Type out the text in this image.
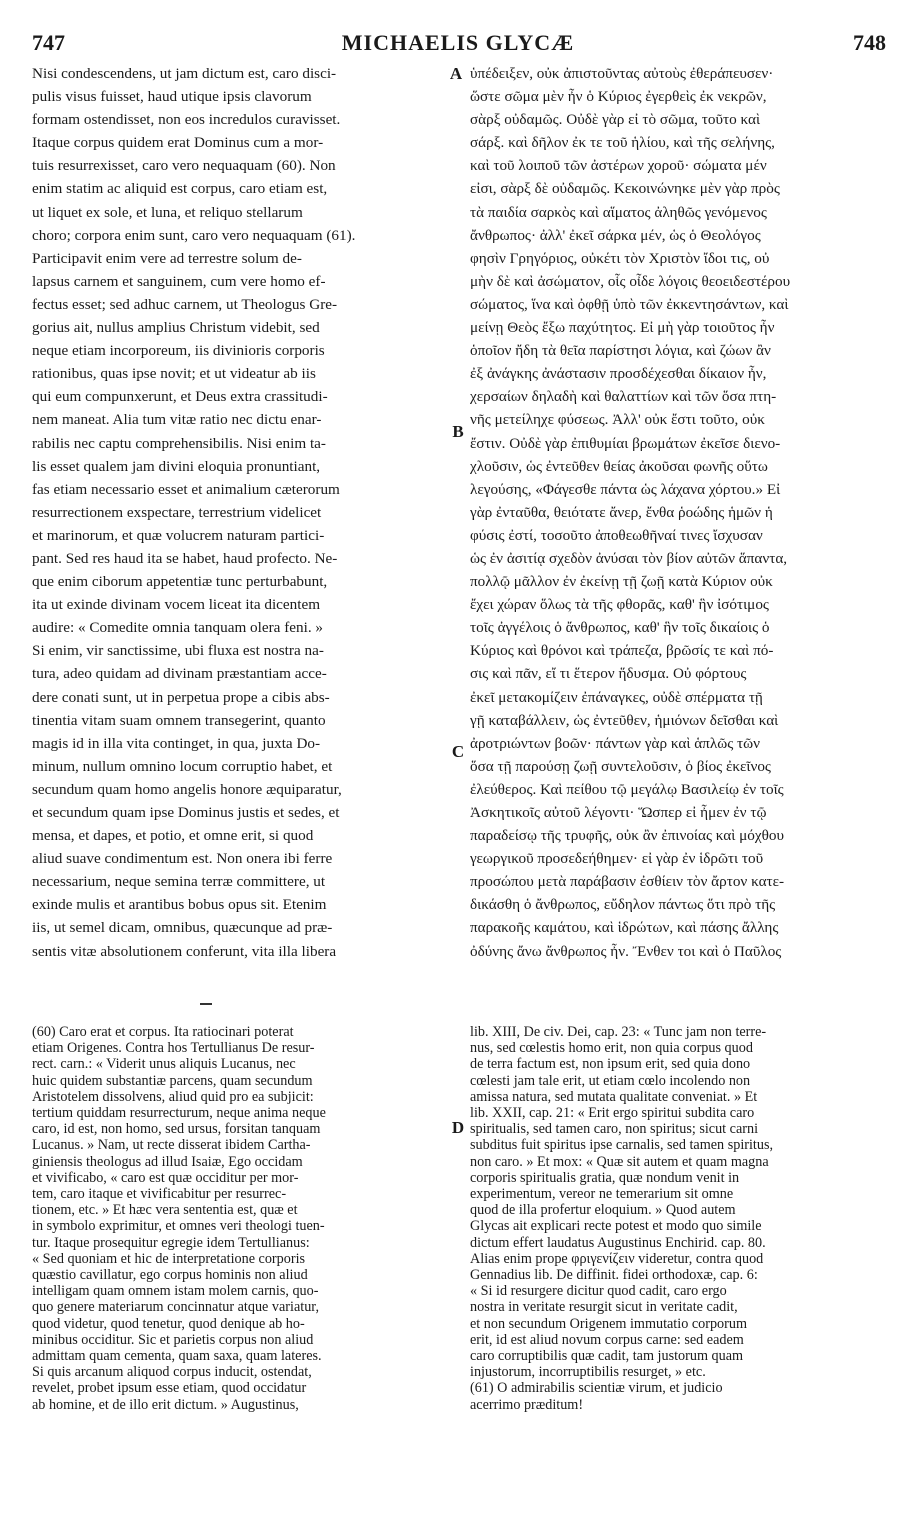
747	MICHAELIS GLYCÆ	748
Nisi condescendens, ut jam dictum est, caro disci-
pulis visus fuisset, haud utique ipsis clavorum
formam ostendisset, non eos incredulos curavisset.
Itaque corpus quidem erat Dominus cum a mor-
tuis resurrexisset, caro vero nequaquam (60). Non
enim statim ac aliquid est corpus, caro etiam est,
ut liquet ex sole, et luna, et reliquo stellarum
choro; corpora enim sunt, caro vero nequaquam (61).
Participavit enim vere ad terrestre solum de-
lapsus carnem et sanguinem, cum vere homo ef-
fectus esset; sed adhuc carnem, ut Theologus Gre-
gorius ait, nullus amplius Christum videbit, sed
neque etiam incorporeum, iis divinioris corporis
rationibus, quas ipse novit; et ut videatur ab iis
qui eum compunxerunt, et Deus extra crassitudi-
nem maneat. Alia tum vitæ ratio nec dictu enar-
rabilis nec captu comprehensibilis. Nisi enim ta-
lis esset qualem jam divini eloquia pronuntiant,
fas etiam necessario esset et animalium cæterorum
resurrectionem exspectare, terrestrium videlicet
et marinorum, et quæ volucrem naturam partici-
pant. Sed res haud ita se habet, haud profecto. Ne-
que enim ciborum appetentiæ tunc perturbabunt,
ita ut exinde divinam vocem liceat ita dicentem
audire: « Comedite omnia tanquam olera feni. »
Si enim, vir sanctissime, ubi fluxa est nostra na-
tura, adeo quidam ad divinam præstantiam acce-
dere conati sunt, ut in perpetua prope a cibis abs-
tinentia vitam suam omnem transegerint, quanto
magis id in illa vita continget, in qua, juxta Do-
minum, nullum omnino locum corruptio habet, et
secundum quam homo angelis honore æquiparatur,
et secundum quam ipse Dominus justis et sedes, et
mensa, et dapes, et potio, et omne erit, si quod
aliud suave condimentum est. Non onera ibi ferre
necessarium, neque semina terræ committere, ut
exinde mulis et arantibus bobus opus sit. Etenim
iis, ut semel dicam, omnibus, quæcunque ad præ-
sentis vitæ absolutionem conferunt, vita illa libera
ὑπέδειξεν, οὐκ ἀπιστοῦντας αὐτοὺς ἐθεράπευσεν·
ὥστε σῶμα μὲν ἦν ὁ Κύριος ἐγερθεὶς ἐκ νεκρῶν,
σὰρξ οὐδαμῶς. Οὐδὲ γὰρ εἰ τὸ σῶμα, τοῦτο καὶ
σάρξ. καὶ δῆλον ἐκ τε τοῦ ἡλίου, καὶ τῆς σελήνης,
καὶ τοῦ λοιποῦ τῶν ἀστέρων χοροῦ· σώματα μέν
εἰσι, σὰρξ δὲ οὐδαμῶς. Κεκοινώνηκε μὲν γὰρ πρὸς
τὰ παιδία σαρκὸς καὶ αἵματος ἀληθῶς γενόμενος
ἄνθρωπος· ἀλλ' ἐκεῖ σάρκα μέν, ὡς ὁ Θεολόγος
φησὶν Γρηγόριος, οὐκέτι τὸν Χριστὸν ἴδοι τις, οὐ
μὴν δὲ καὶ ἀσώματον, οἷς οἶδε λόγοις θεοειδεστέρου
σώματος, ἵνα καὶ ὀφθῇ ὑπὸ τῶν ἐκκεντησάντων, καὶ
μείνῃ Θεὸς ἔξω παχύτητος. Εἰ μὴ γὰρ τοιοῦτος ἦν
ὁποῖον ἤδη τὰ θεῖα παρίστησι λόγια, καὶ ζώων ἂν
ἐξ ἀνάγκης ἀνάστασιν προσδέχεσθαι δίκαιον ἦν,
χερσαίων δηλαδὴ καὶ θαλαττίων καὶ τῶν ὅσα πτη-
νῆς μετείληχε φύσεως. Ἀλλ' οὐκ ἔστι τοῦτο, οὐκ
ἔστιν. Οὐδὲ γὰρ ἐπιθυμίαι βρωμάτων ἐκεῖσε διενο-
χλοῦσιν, ὡς ἐντεῦθεν θείας ἀκοῦσαι φωνῆς οὕτω
λεγούσης, «Φάγεσθε πάντα ὡς λάχανα χόρτου.» Εἰ
γὰρ ἐνταῦθα, θειότατε ἄνερ, ἔνθα ῥοώδης ἡμῶν ἡ
φύσις ἐστί, τοσοῦτο ἀποθεωθῆναί τινες ἴσχυσαν
ὡς ἐν ἀσιτίᾳ σχεδὸν ἀνύσαι τὸν βίον αὐτῶν ἅπαντα,
πολλῷ μᾶλλον ἐν ἐκείνῃ τῇ ζωῇ κατὰ Κύριον οὐκ
ἔχει χώραν ὅλως τὰ τῆς φθορᾶς, καθ' ἣν ἰσότιμος
τοῖς ἀγγέλοις ὁ ἄνθρωπος, καθ' ἣν τοῖς δικαίοις ὁ
Κύριος καὶ θρόνοι καὶ τράπεζα, βρῶσίς τε καὶ πό-
σις καὶ πᾶν, εἴ τι ἕτερον ἥδυσμα. Οὐ φόρτους
ἐκεῖ μετακομίζειν ἐπάναγκες, οὐδὲ σπέρματα τῇ
γῇ καταβάλλειν, ὡς ἐντεῦθεν, ἡμιόνων δεῖσθαι καὶ
ἀροτριώντων βοῶν· πάντων γὰρ καὶ ἁπλῶς τῶν
ὅσα τῇ παρούσῃ ζωῇ συντελοῦσιν, ὁ βίος ἐκεῖνος
ἐλεύθερος. Καὶ πείθου τῷ μεγάλῳ Βασιλείῳ ἐν τοῖς
Ἀσκητικοῖς αὐτοῦ λέγοντι· Ὥσπερ εἰ ἦμεν ἐν τῷ
παραδείσῳ τῆς τρυφῆς, οὐκ ἂν ἐπινοίας καὶ μόχθου
γεωργικοῦ προσεδεήθημεν· εἰ γὰρ ἐν ἱδρῶτι τοῦ
προσώπου μετὰ παράβασιν ἐσθίειν τὸν ἄρτον κατε-
δικάσθη ὁ ἄνθρωπος, εὔδηλον πάντως ὅτι πρὸ τῆς
παρακοῆς καμάτου, καὶ ἱδρώτων, καὶ πάσης ἄλλης
ὀδύνης ἄνω ἄνθρωπος ἦν. Ἔνθεν τοι καὶ ὁ Παῦλος
A
B
C
D
(60) Caro erat et corpus. Ita ratiocinari poterat
etiam Origenes. Contra hos Tertullianus De resur-
rect. carn.: « Viderit unus aliquis Lucanus, nec
huic quidem substantiæ parcens, quam secundum
Aristotelem dissolvens, aliud quid pro ea subjicit:
tertium quiddam resurrecturum, neque anima neque
caro, id est, non homo, sed ursus, forsitan tanquam
Lucanus. » Nam, ut recte disserat ibidem Cartha-
giniensis theologus ad illud Isaiæ, Ego occidam
et vivificabo, « caro est quæ occiditur per mor-
tem, caro itaque et vivificabitur per resurrec-
tionem, etc. » Et hæc vera sententia est, quæ et
in symbolo exprimitur, et omnes veri theologi tuen-
tur. Itaque prosequitur egregie idem Tertullianus:
« Sed quoniam et hic de interpretatione corporis
quæstio cavillatur, ego corpus hominis non aliud
intelligam quam omnem istam molem carnis, quo-
quo genere materiarum concinnatur atque variatur,
quod videtur, quod tenetur, quod denique ab ho-
minibus occiditur. Sic et parietis corpus non aliud
admittam quam cementa, quam saxa, quam lateres.
Si quis arcanum aliquod corpus inducit, ostendat,
revelet, probet ipsum esse etiam, quod occidatur
ab homine, et de illo erit dictum. » Augustinus,
lib. XIII, De civ. Dei, cap. 23: « Tunc jam non terre-
nus, sed cœlestis homo erit, non quia corpus quod
de terra factum est, non ipsum erit, sed quia dono
cœlesti jam tale erit, ut etiam cœlo incolendo non
amissa natura, sed mutata qualitate conveniat. » Et
lib. XXII, cap. 21: « Erit ergo spiritui subdita caro
spiritualis, sed tamen caro, non spiritus; sicut carni
subditus fuit spiritus ipse carnalis, sed tamen spiritus,
non caro. » Et mox: « Quæ sit autem et quam magna
corporis spiritualis gratia, quæ nondum venit in
experimentum, vereor ne temerarium sit omne
quod de illa profertur eloquium. » Quod autem
Glycas ait explicari recte potest et modo quo simile
dictum effert laudatus Augustinus Enchirid. cap. 80.
Alias enim prope φριγενίζειν videretur, contra quod
Gennadius lib. De diffinit. fidei orthodoxæ, cap. 6:
« Si id resurgere dicitur quod cadit, caro ergo
nostra in veritate resurgit sicut in veritate cadit,
et non secundum Origenem immutatio corporum
erit, id est aliud novum corpus carne: sed eadem
caro corruptibilis quæ cadit, tam justorum quam
injustorum, incorruptibilis resurget, » etc.
(61) O admirabilis scientiæ virum, et judicio
acerrimo præditum!
